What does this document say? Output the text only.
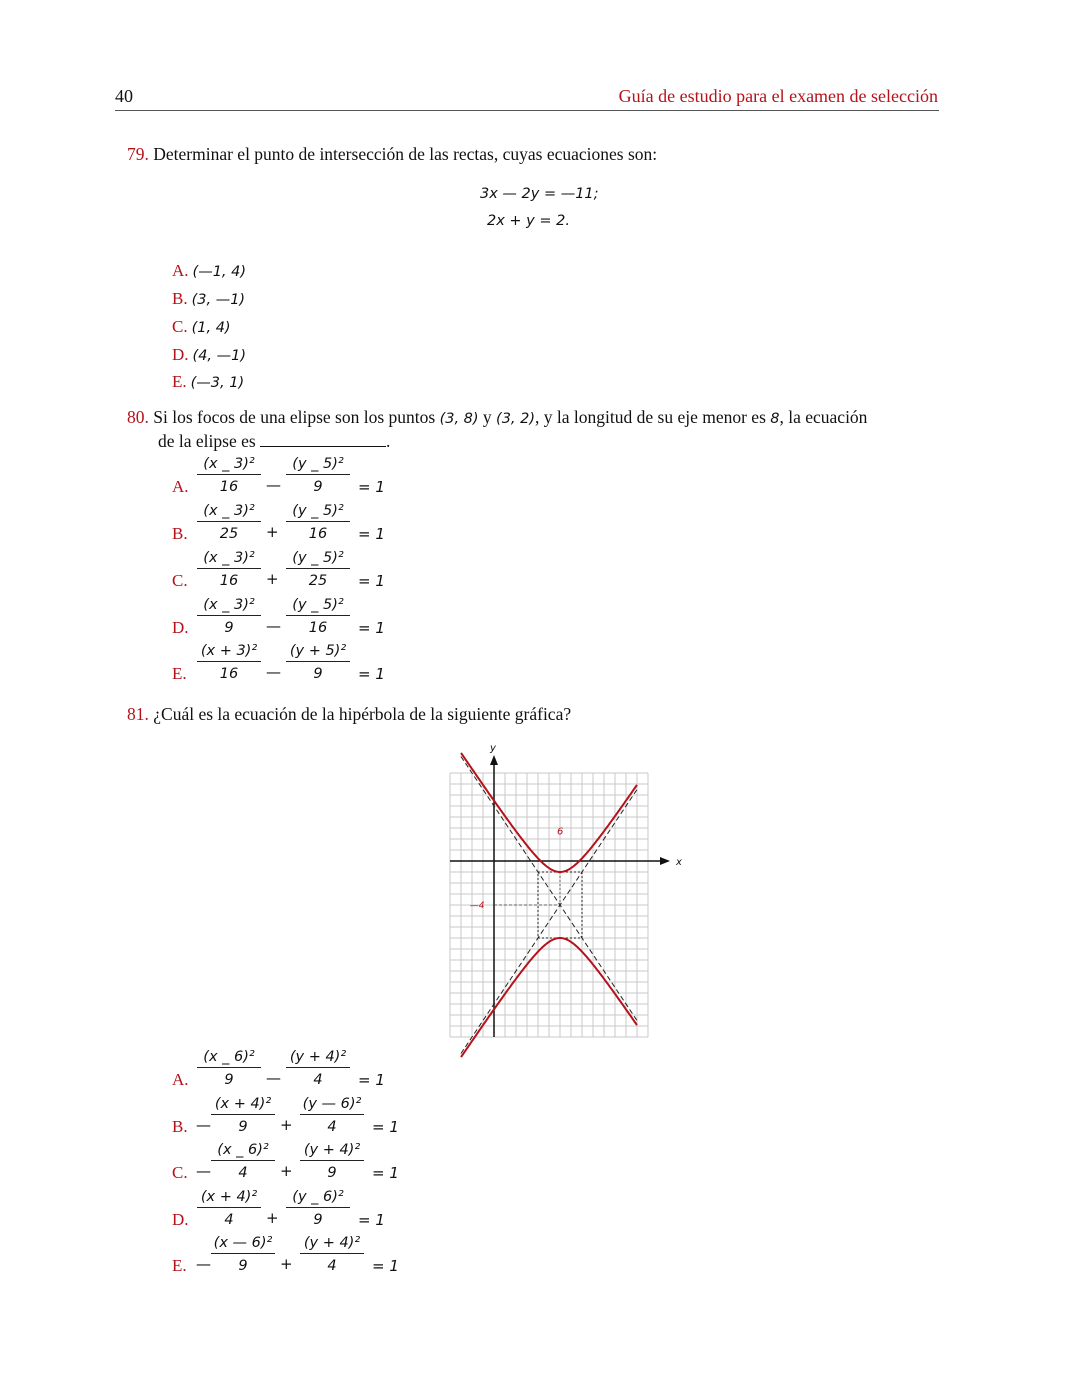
40	Guía de estudio para el examen de selección
79. Determinar el punto de intersección de las rectas, cuyas ecuaciones son:
3x — 2y = —11;
2x + y = 2.
A. (—1, 4)
B. (3, —1)
C. (1, 4)
D. (4, —1)
E. (—3, 1)
80. Si los focos de una elipse son los puntos (3, 8) y (3, 2), y la longitud de su eje menor es 8, la ecuación
de la elipse es	.
A.
(x _ 3)²
16	—
(y _ 5)²
9	= 1
B.
(x _ 3)²
25	+
(y _ 5)²
16	= 1
C.
(x _ 3)²
16	+
(y _ 5)²
25	= 1
D.
(x _ 3)²
9	—
(y _ 5)²
16	= 1
E.
(x + 3)²
16	—
(y + 5)²
9	= 1
81. ¿Cuál es la ecuación de la hipérbola de la siguiente gráfica?
6
—4
x
y
A.
(x _ 6)²
9	—
(y + 4)²
4	= 1
B. —
(x + 4)²
9	+
(y — 6)²
4	= 1
C. —
(x _ 6)²
4	+
(y + 4)²
9	= 1
D.
(x + 4)²
4	+
(y _ 6)²
9	= 1
E. —
(x — 6)²
9	+
(y + 4)²
4	= 1
